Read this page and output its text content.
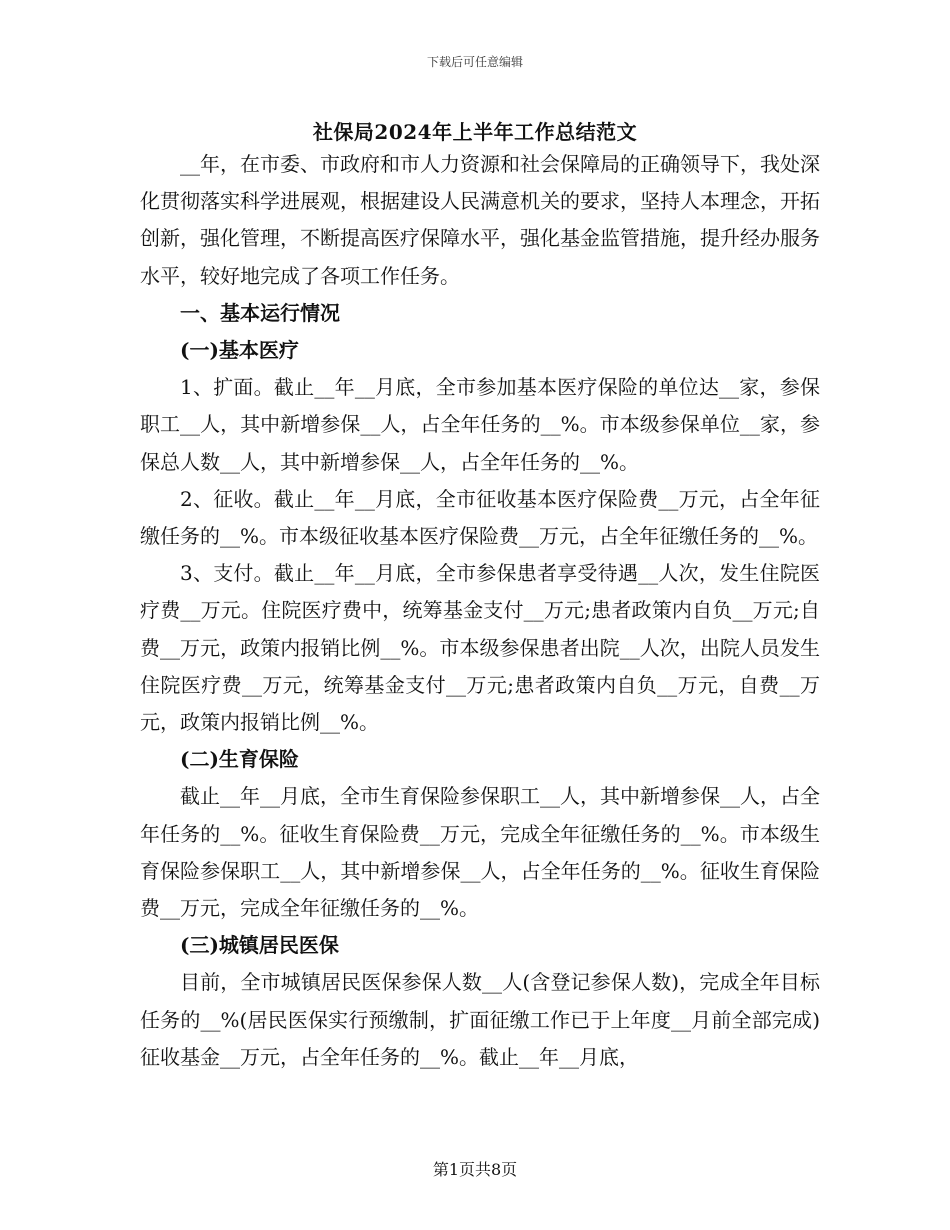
下载后可任意编辑
社保局2024年上半年工作总结范文

__年，在市委、市政府和市人力资源和社会保障局的正确领导下，我处深化贯彻落实科学进展观，根据建设人民满意机关的要求，坚持人本理念，开拓创新，强化管理，不断提高医疗保障水平，强化基金监管措施，提升经办服务水平，较好地完成了各项工作任务。

一、基本运行情况

(一)基本医疗

1、扩面。截止__年__月底，全市参加基本医疗保险的单位达__家，参保职工__人，其中新增参保__人，占全年任务的__%。市本级参保单位__家，参保总人数__人，其中新增参保__人，占全年任务的__%。

2、征收。截止__年__月底，全市征收基本医疗保险费__万元，占全年征缴任务的__%。市本级征收基本医疗保险费__万元，占全年征缴任务的__%。

3、支付。截止__年__月底，全市参保患者享受待遇__人次，发生住院医疗费__万元。住院医疗费中，统筹基金支付__万元;患者政策内自负__万元;自费__万元，政策内报销比例__%。市本级参保患者出院__人次，出院人员发生住院医疗费__万元，统筹基金支付__万元;患者政策内自负__万元，自费__万元，政策内报销比例__%。

(二)生育保险

截止__年__月底，全市生育保险参保职工__人，其中新增参保__人，占全年任务的__%。征收生育保险费__万元，完成全年征缴任务的__%。市本级生育保险参保职工__人，其中新增参保__人，占全年任务的__%。征收生育保险费__万元，完成全年征缴任务的__%。

(三)城镇居民医保

目前，全市城镇居民医保参保人数__人(含登记参保人数)，完成全年目标任务的__%(居民医保实行预缴制，扩面征缴工作已于上年度__月前全部完成)征收基金__万元，占全年任务的__%。截止__年__月底，

第1页共8页
